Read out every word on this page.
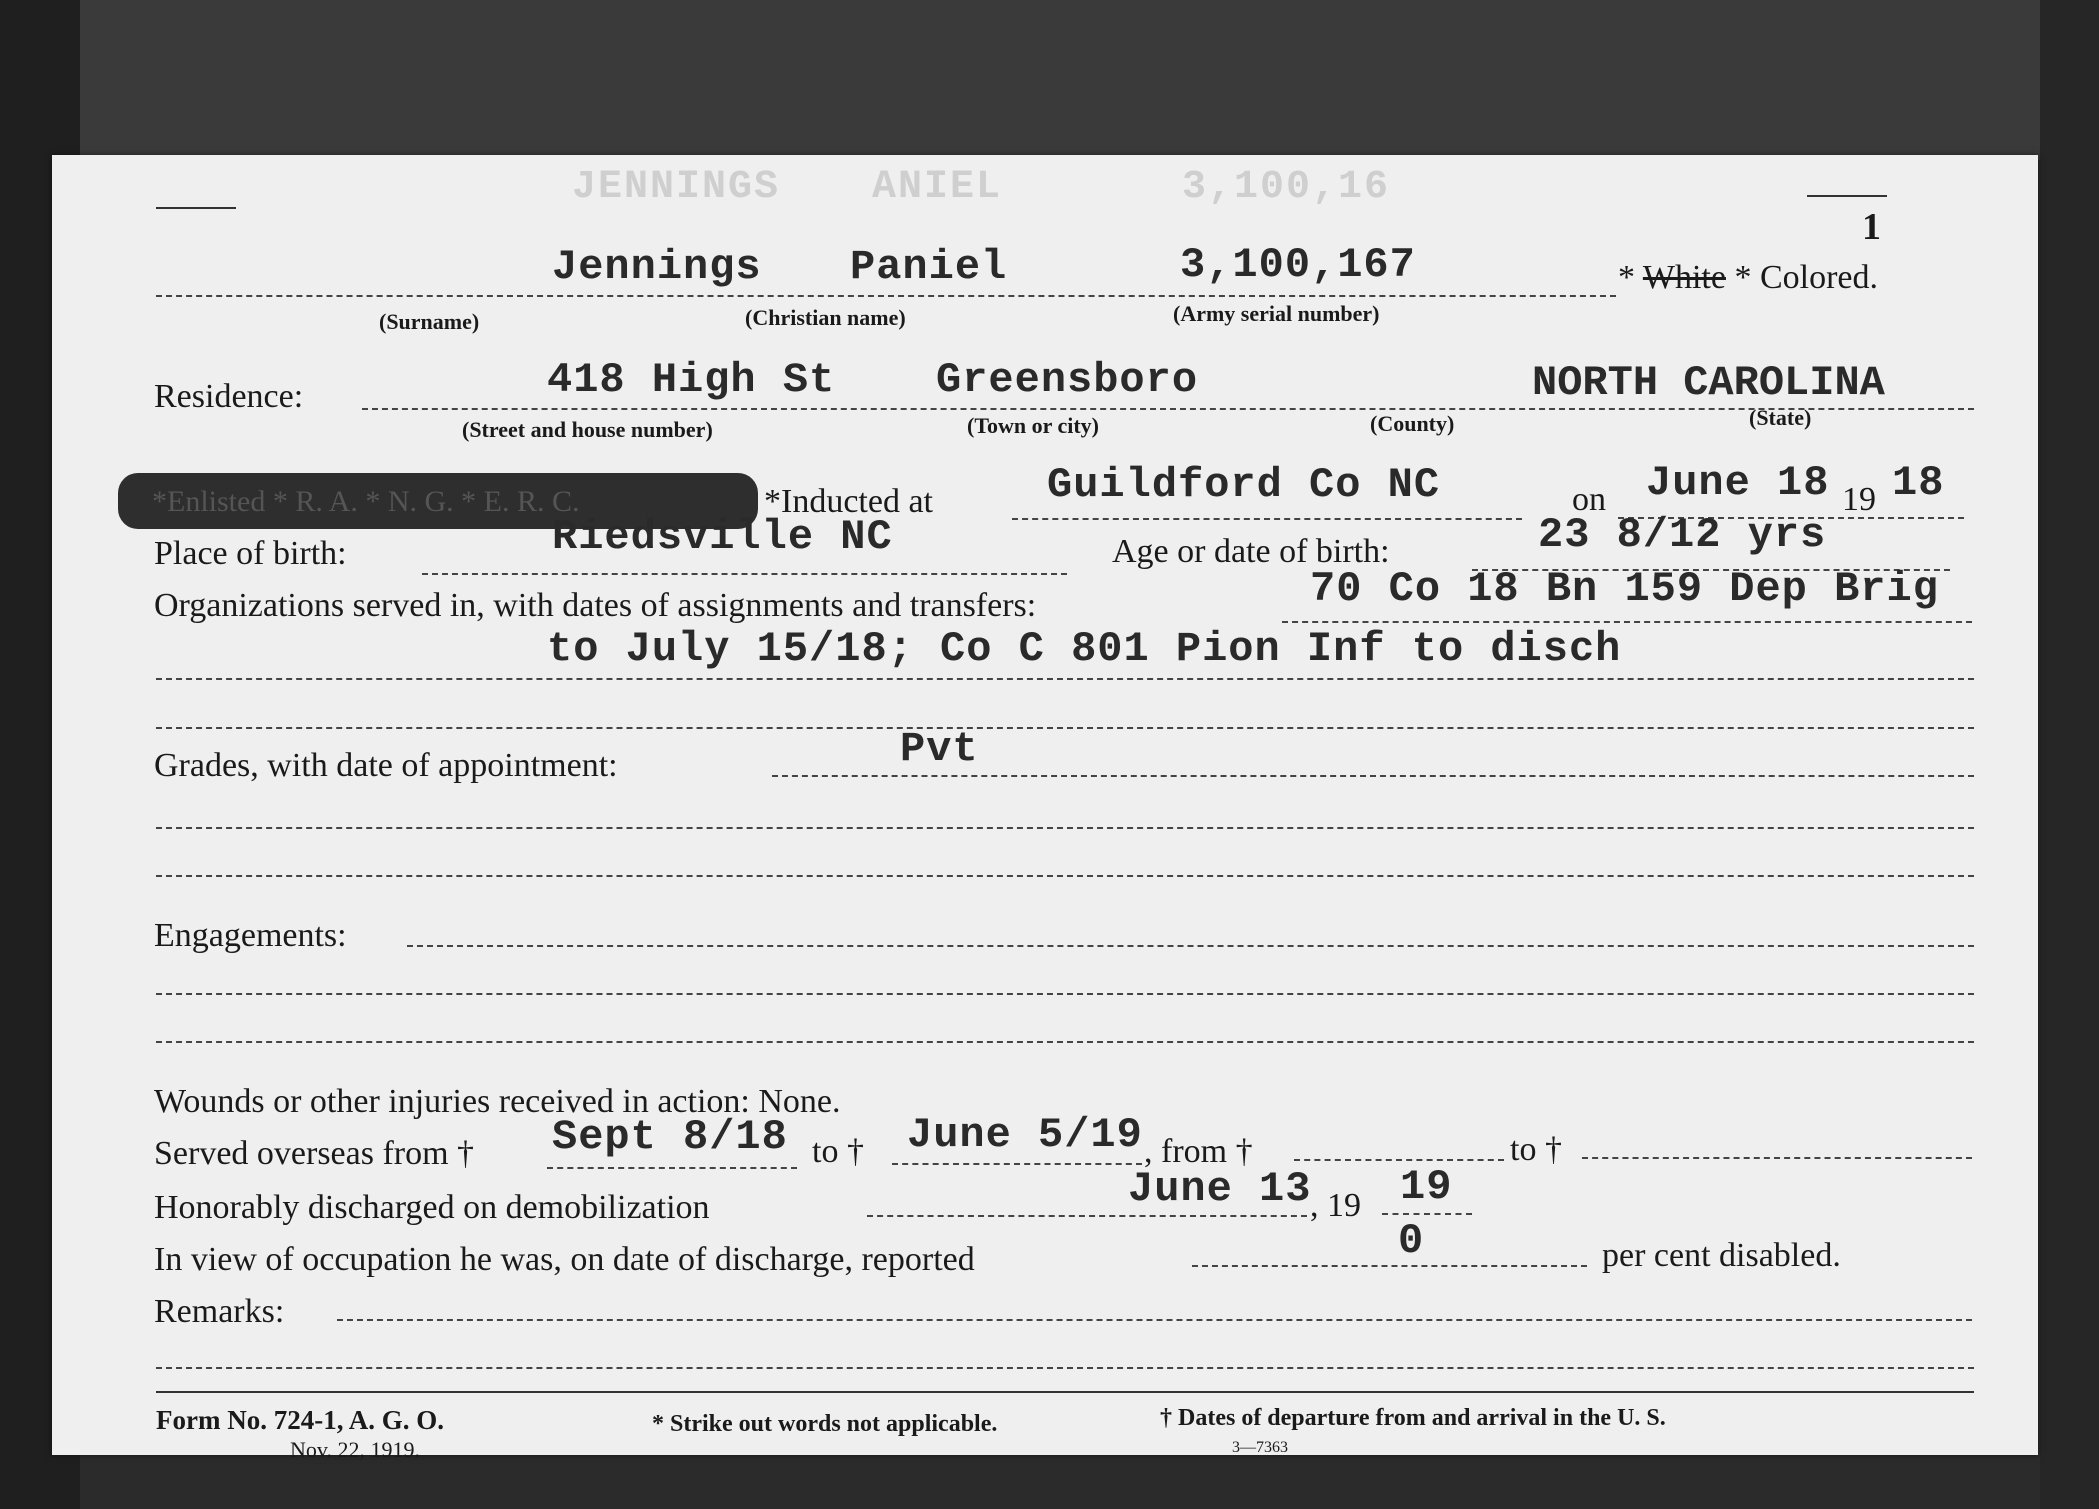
JENNINGS ANIEL	3,100,16
1
Jennings Paniel	3,100,167	* White * Colored.
(Surname)	(Christian name)	(Army serial number)
Residence:	418 High St Greensboro	NORTH CAROLINA
(Street and house number)	(Town or city)	(County)	(State)
*Enlisted * R. A. * N. G. * E. R. C.	*Inducted at	Guildford Co NC	on June 18 19 18
Place of birth:	Riedsville NC	Age or date of birth:	23 8/12 yrs
Organizations served in, with dates of assignments and transfers:	70 Co 18 Bn 159 Dep Brig
to July 15/18; Co C 801 Pion Inf to disch
Grades, with date of appointment:	Pvt
Engagements:
Wounds or other injuries received in action: None.
Served overseas from † Sept 8/18 to † June 5/19 , from †	to †
Honorably discharged on demobilization	June 13
, 19 19
In view of occupation he was, on date of discharge, reported	0	per cent disabled.
Remarks:
Form No. 724-1, A. G. O.
Nov. 22, 1919.
* Strike out words not applicable.	† Dates of departure from and arrival in the U. S.
3—7363
